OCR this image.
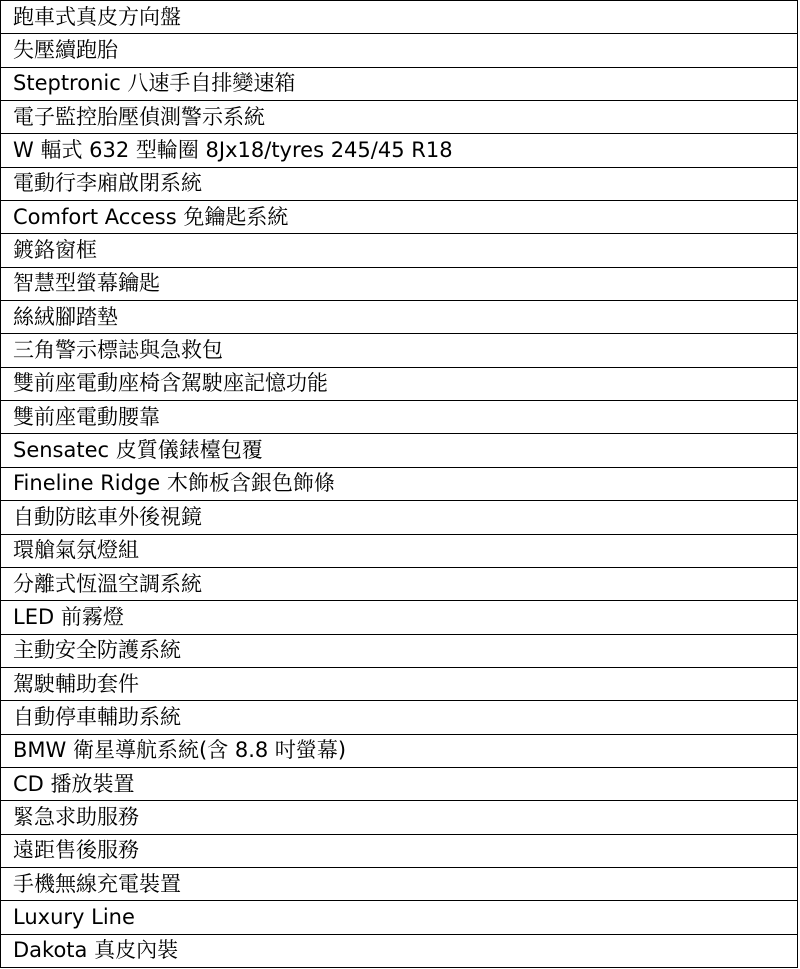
跑車式真皮方向盤
失壓續跑胎
Steptronic 八速手自排變速箱
電子監控胎壓偵測警示系統
W 輻式 632 型輪圈 8Jx18/tyres 245/45 R18
電動行李廂啟閉系統
Comfort Access 免鑰匙系統
鍍鉻窗框
智慧型螢幕鑰匙
絲絨腳踏墊
三角警示標誌與急救包
雙前座電動座椅含駕駛座記憶功能
雙前座電動腰靠
Sensatec 皮質儀錶檯包覆
Fineline Ridge 木飾板含銀色飾條
自動防眩車外後視鏡
環艙氣氛燈組
分離式恆溫空調系統
LED 前霧燈
主動安全防護系統
駕駛輔助套件
自動停車輔助系統
BMW 衛星導航系統(含 8.8 吋螢幕)
CD 播放裝置
緊急求助服務
遠距售後服務
手機無線充電裝置
Luxury Line
Dakota 真皮內裝
